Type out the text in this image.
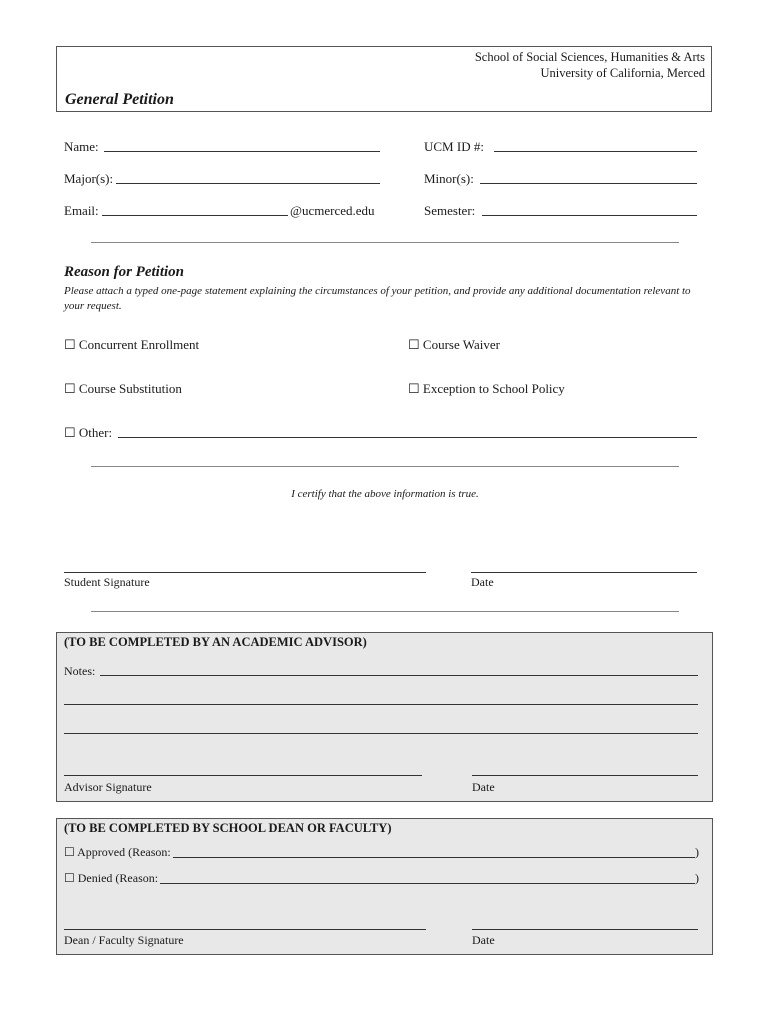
School of Social Sciences, Humanities & Arts
University of California, Merced
General Petition
Name:	UCM ID #:
Major(s):	Minor(s):
Email:	@ucmerced.edu	Semester:
Reason for Petition
Please attach a typed one-page statement explaining the circumstances of your petition, and provide any additional documentation relevant to your request.
☐ Concurrent Enrollment	☐ Course Waiver
☐ Course Substitution	☐ Exception to School Policy
☐ Other:
I certify that the above information is true.
Student Signature	Date
(TO BE COMPLETED BY AN ACADEMIC ADVISOR)
Notes:
Advisor Signature	Date
(TO BE COMPLETED BY SCHOOL DEAN OR FACULTY)
☐ Approved (Reason:	)
☐ Denied (Reason:	)
Dean / Faculty Signature	Date
